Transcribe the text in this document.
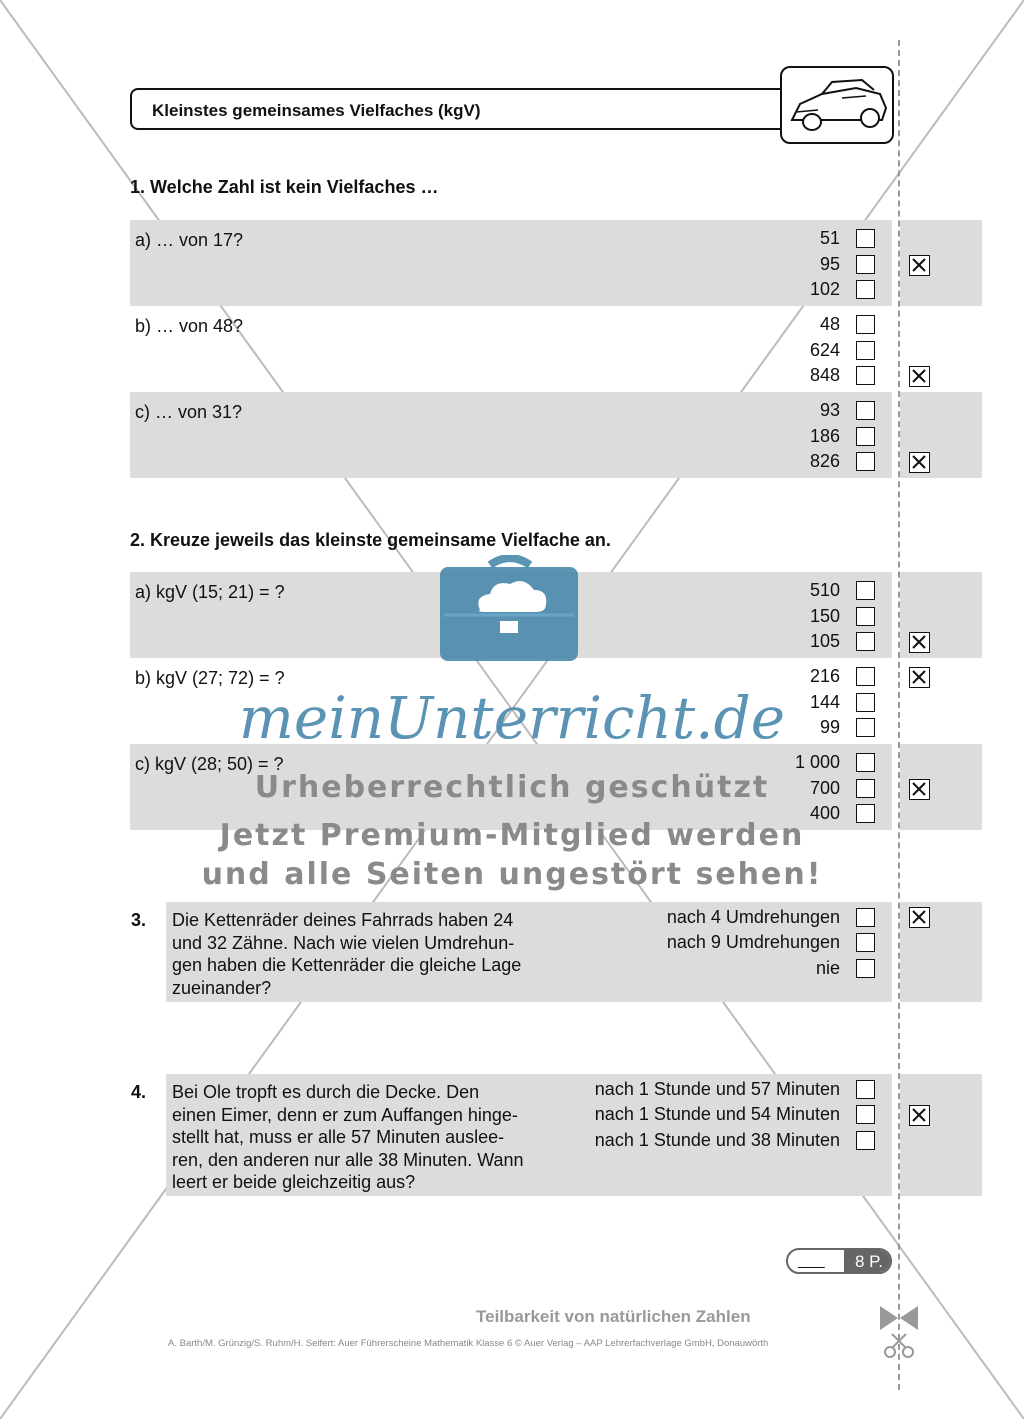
Kleinstes gemeinsames Vielfaches (kgV)
1. Welche Zahl ist kein Vielfaches …
a) … von 17?	51
95
102
b) … von 48?	48
624
848
c) … von 31?	93
186
826
2. Kreuze jeweils das kleinste gemeinsame Vielfache an.
a) kgV (15; 21) = ?	510
150
105
b) kgV (27; 72) = ?	216
144
99
c) kgV (28; 50) = ?	1 000
700
400
3. Die Kettenräder deines Fahrrads haben 24
und 32 Zähne. Nach wie vielen Umdrehun-
gen haben die Kettenräder die gleiche Lage
zueinander?
nach 4 Umdrehungen
nach 9 Umdrehungen
nie
4. Bei Ole tropft es durch die Decke. Den
einen Eimer, denn er zum Auffangen hinge-
stellt hat, muss er alle 57 Minuten auslee-
ren, den anderen nur alle 38 Minuten. Wann
leert er beide gleichzeitig aus?
nach 1 Stunde und 57 Minuten
nach 1 Stunde und 54 Minuten
nach 1 Stunde und 38 Minuten
meinUnterricht.de
Urheberrechtlich geschützt
Jetzt Premium-Mitglied werden
und alle Seiten ungestört sehen!
___	8 P.
Teilbarkeit von natürlichen Zahlen
A. Barth/M. Grünzig/S. Ruhm/H. Seifert: Auer Führerscheine Mathematik Klasse 6 © Auer Verlag – AAP Lehrerfachverlage GmbH, Donauwörth
